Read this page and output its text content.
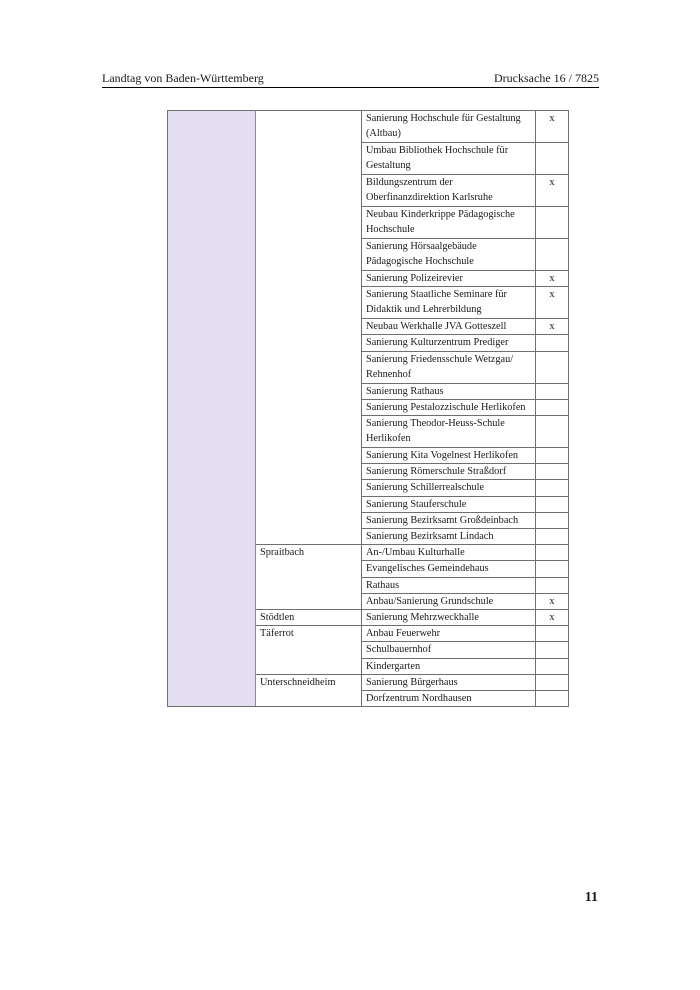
Landtag von Baden-Württemberg	Drucksache 16 / 7825
		Sanierung Hochschule für Gestaltung (Altbau)	x
		Umbau Bibliothek Hochschule für Gestaltung	
		Bildungszentrum der Oberfinanzdirektion Karlsruhe	x
		Neubau Kinderkrippe Pädagogische Hochschule	
		Sanierung Hörsaalgebäude Pädagogische Hochschule	
		Sanierung Polizeirevier	x
		Sanierung Staatliche Seminare für Didaktik und Lehrerbildung	x
		Neubau Werkhalle JVA Gotteszell	x
		Sanierung Kulturzentrum Prediger	
		Sanierung Friedensschule Wetzgau/ Rehnenhof	
		Sanierung Rathaus	
		Sanierung Pestalozzischule Herlikofen	
		Sanierung Theodor-Heuss-Schule Herlikofen	
		Sanierung Kita Vogelnest Herlikofen	
		Sanierung Römerschule Straßdorf	
		Sanierung Schillerrealschule	
		Sanierung Stauferschule	
		Sanierung Bezirksamt Großdeinbach	
		Sanierung Bezirksamt Lindach	
	Spraitbach	An-/Umbau Kulturhalle	
		Evangelisches Gemeindehaus	
		Rathaus	
		Anbau/Sanierung Grundschule	x
	Stödtlen	Sanierung Mehrzweckhalle	x
	Täferrot	Anbau Feuerwehr	
		Schulbauernhof	
		Kindergarten	
	Unterschneidheim	Sanierung Bürgerhaus	
		Dorfzentrum Nordhausen	
11
